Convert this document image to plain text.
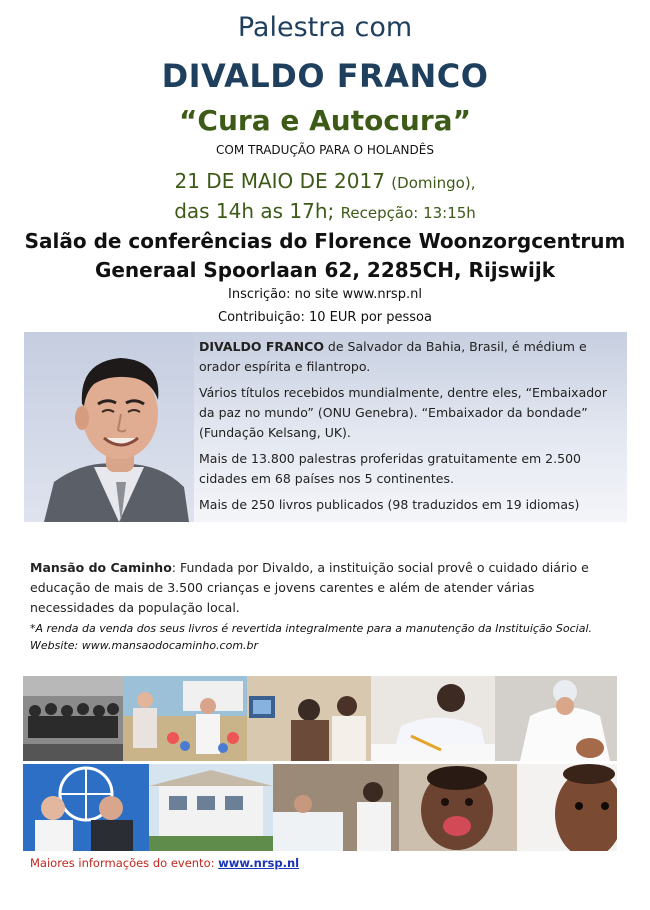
Palestra com
DIVALDO FRANCO
“Cura e Autocura”
COM TRADUÇÃO PARA O HOLANDÊS
21 DE MAIO DE 2017 (Domingo),
das 14h as 17h; Recepção: 13:15h
Salão de conferências do Florence Woonzorgcentrum
Generaal Spoorlaan 62, 2285CH, Rijswijk
Inscrição: no site www.nrsp.nl
Contribuição: 10 EUR por pessoa

DIVALDO FRANCO de Salvador da Bahia, Brasil, é médium e orador espírita e filantropo.

Vários títulos recebidos mundialmente, dentre eles, “Embaixador da paz no mundo” (ONU Genebra). “Embaixador da bondade” (Fundação Kelsang, UK).

Mais de 13.800 palestras proferidas gratuitamente em 2.500 cidades em 68 países nos 5 continentes.

Mais de 250 livros publicados (98 traduzidos em 19 idiomas)

Mansão do Caminho: Fundada por Divaldo, a instituição social provê o cuidado diário e educação de mais de 3.500 crianças e jovens carentes e além de atender várias necessidades da população local.
*A renda da venda dos seus livros é revertida integralmente para a manutenção da Instituição Social.
Website: www.mansaodocaminho.com.br
Maiores informações do evento: www.nrsp.nl
